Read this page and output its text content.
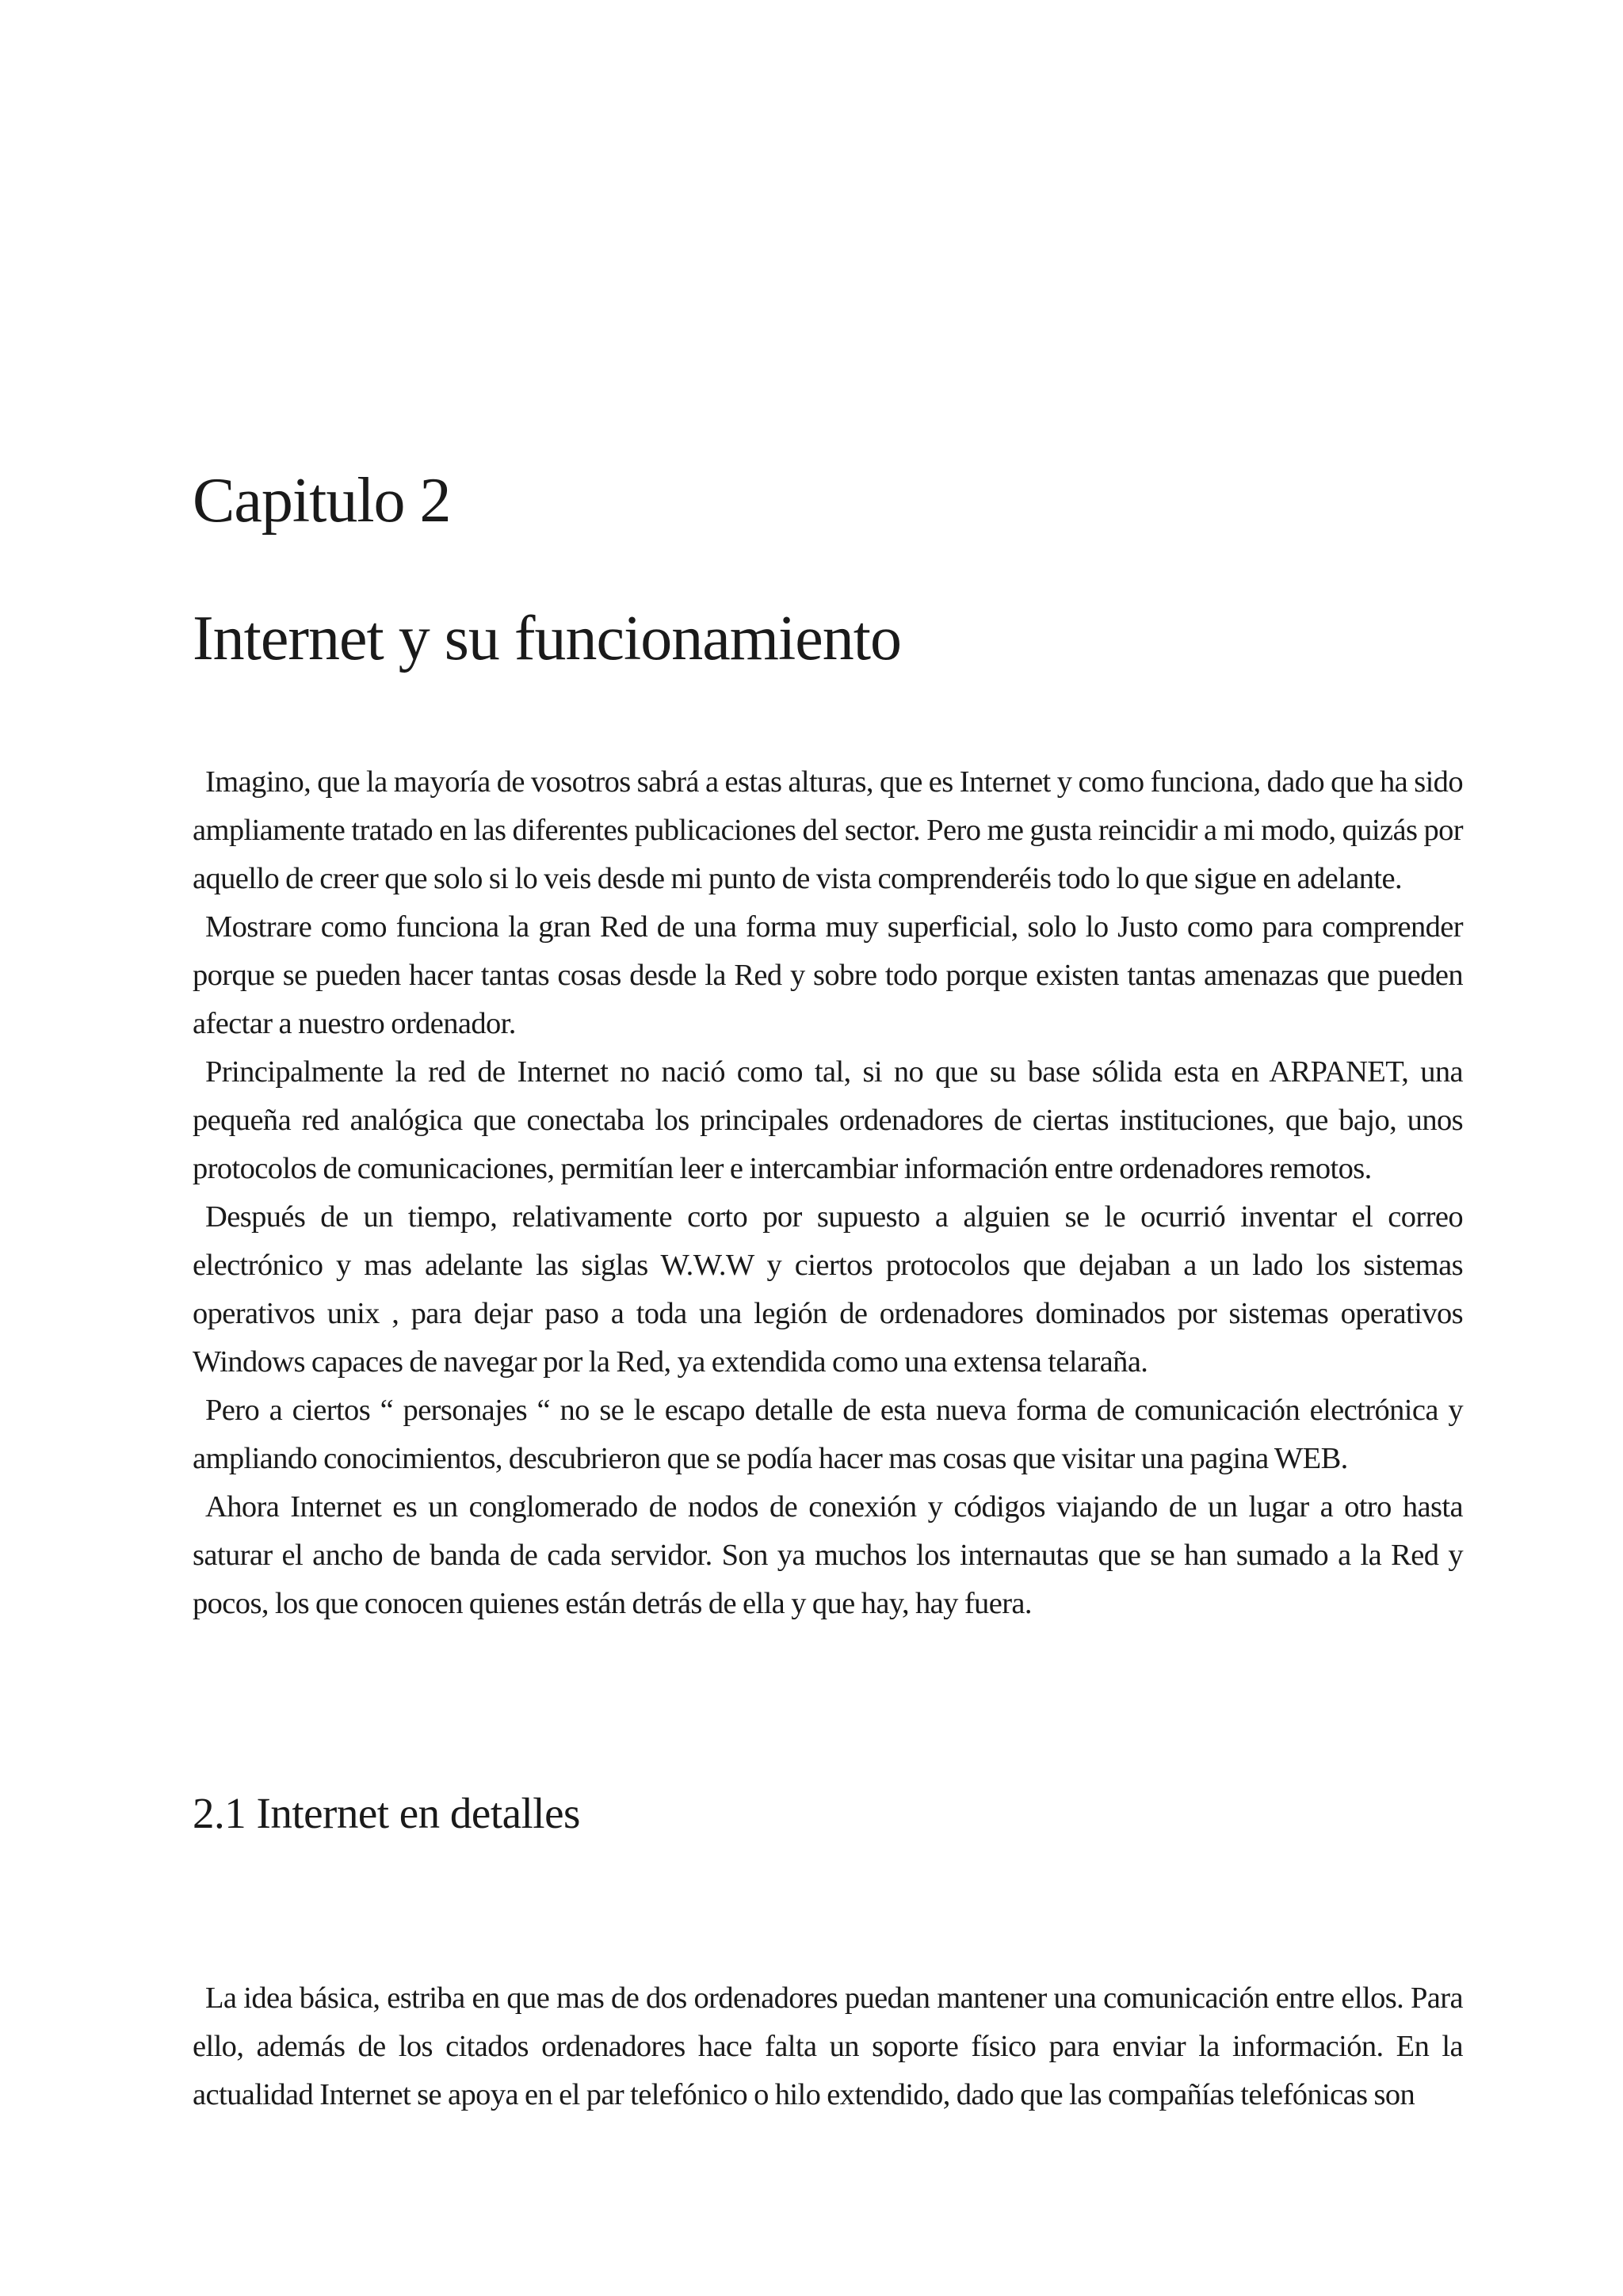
Capitulo 2
Internet y su funcionamiento

Imagino, que la mayoría de vosotros sabrá a estas alturas, que es Internet y como funciona, dado que ha sido ampliamente tratado en las diferentes publicaciones del sector. Pero me gusta reincidir a mi modo, quizás por aquello de creer que solo si lo veis desde mi punto de vista comprenderéis todo lo que sigue en adelante.

Mostrare como funciona la gran Red de una forma muy superficial, solo lo Justo como para comprender porque se pueden hacer tantas cosas desde la Red y sobre todo porque existen tantas amenazas que pueden afectar a nuestro ordenador.

Principalmente la red de Internet no nació como tal, si no que su base sólida esta en ARPANET, una pequeña red analógica que conectaba los principales ordenadores de ciertas instituciones, que bajo, unos protocolos de comunicaciones, permitían leer e intercambiar información entre ordenadores remotos.

Después de un tiempo, relativamente corto por supuesto a alguien se le ocurrió inventar el correo electrónico y mas adelante las siglas W.W.W y ciertos protocolos que dejaban a un lado los sistemas operativos unix , para dejar paso a toda una legión de ordenadores dominados por sistemas operativos Windows capaces de navegar por la Red, ya extendida como una extensa telaraña.

Pero a ciertos “ personajes “ no se le escapo detalle de esta nueva forma de comunicación electrónica y ampliando conocimientos, descubrieron que se podía hacer mas cosas que visitar una pagina WEB.

Ahora Internet es un conglomerado de nodos de conexión y códigos viajando de un lugar a otro hasta saturar el ancho de banda de cada servidor. Son ya muchos los internautas que se han sumado a la Red y pocos, los que conocen quienes están detrás de ella y que hay, hay fuera.

2.1 Internet en detalles

La idea básica, estriba en que mas de dos ordenadores puedan mantener una comunicación entre ellos. Para ello, además de los citados ordenadores hace falta un soporte físico para enviar la información. En la actualidad Internet se apoya en el par telefónico o hilo extendido, dado que las compañías telefónicas son
